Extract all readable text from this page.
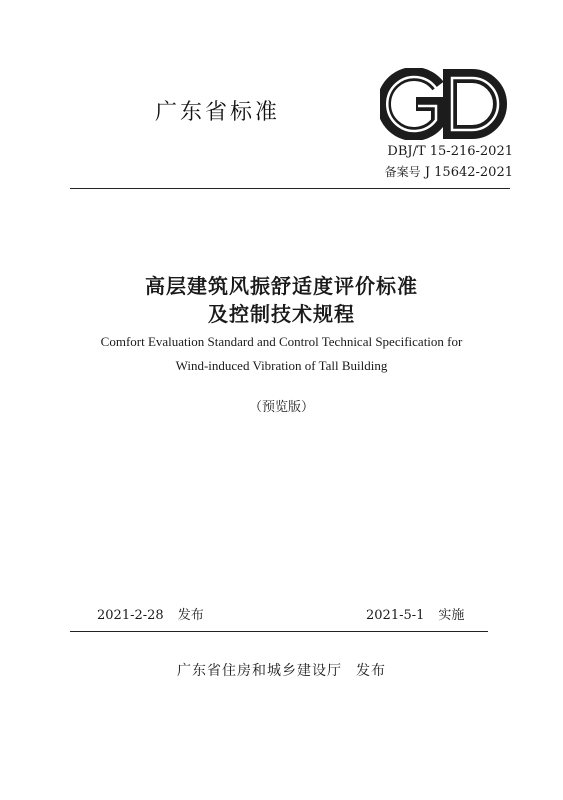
广东省标准
DBJ/T 15-216-2021
备案号 J 15642-2021
高层建筑风振舒适度评价标准
及控制技术规程
Comfort Evaluation Standard and Control Technical Specification for
Wind-induced Vibration of Tall Building
（预览版）
2021-2-28 发布	2021-5-1 实施
广东省住房和城乡建设厅 发布
